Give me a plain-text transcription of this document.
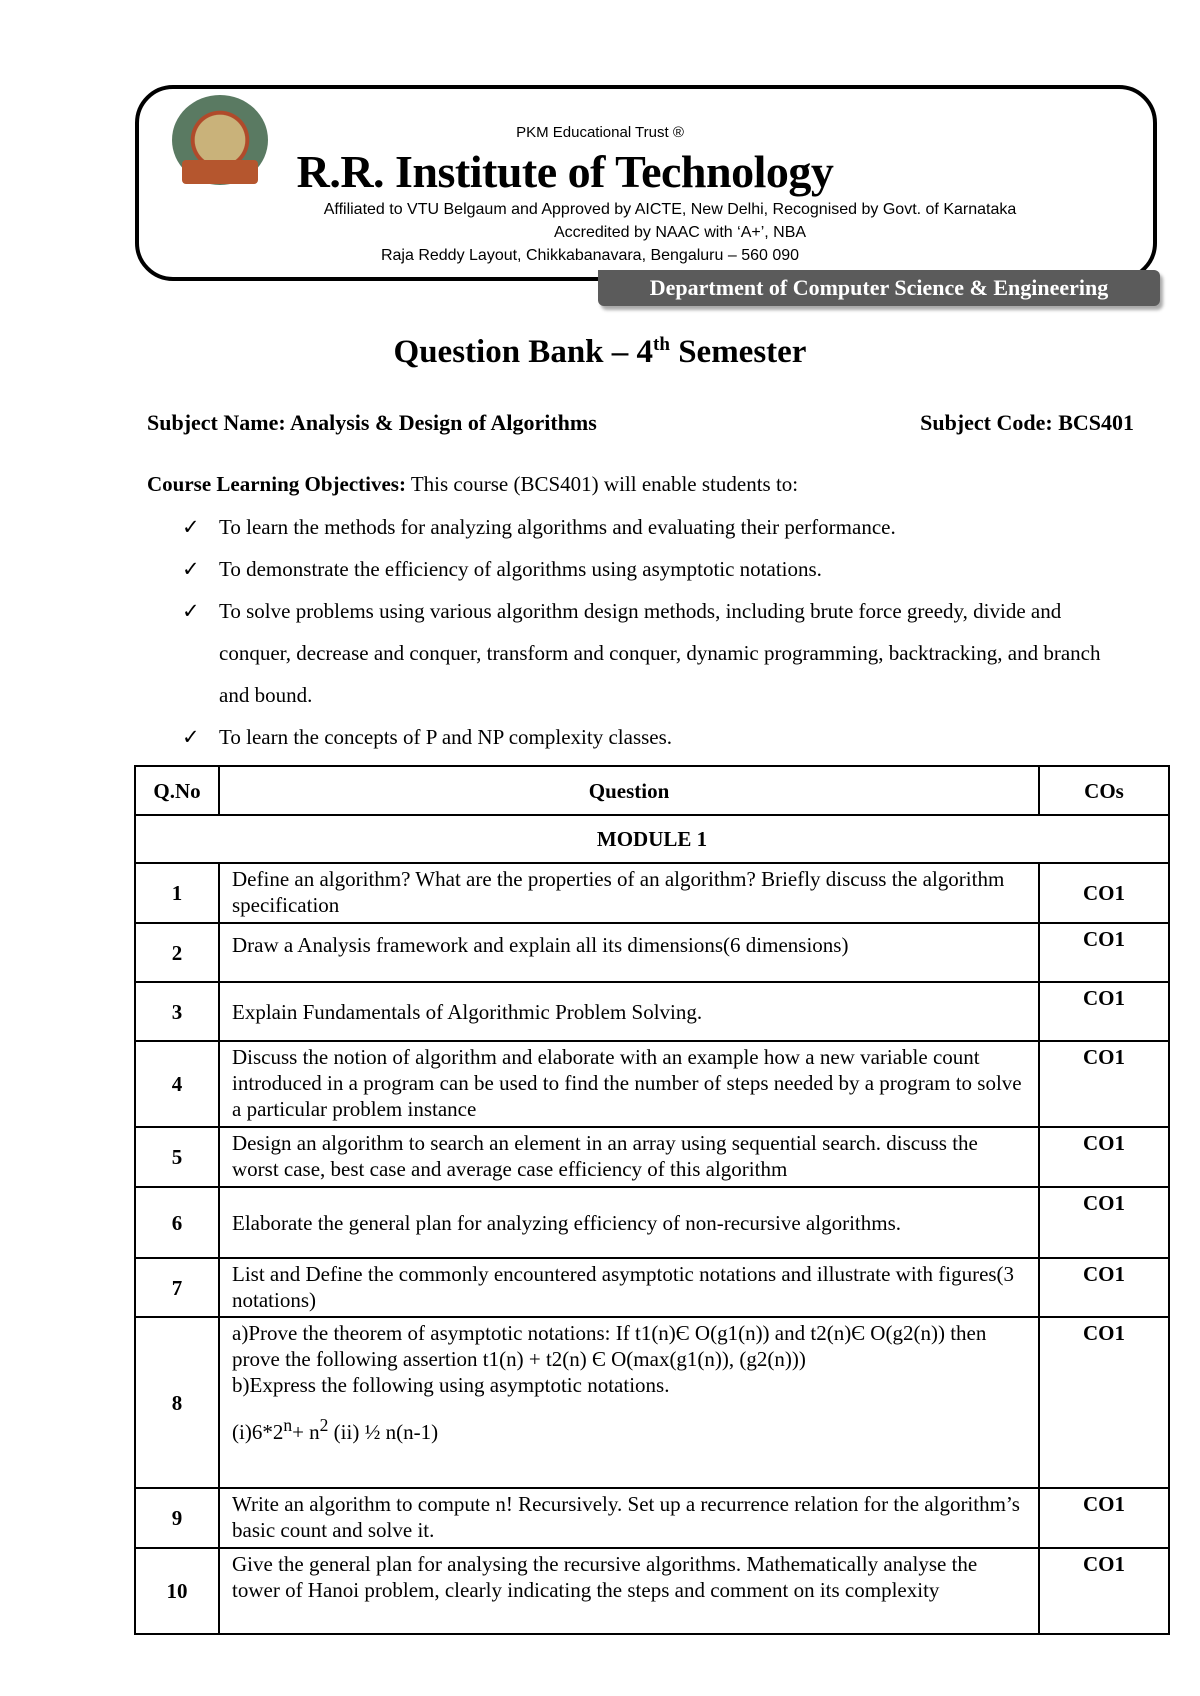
PKM Educational Trust ®
R.R. Institute of Technology
Affiliated to VTU Belgaum and Approved by AICTE, New Delhi, Recognised by Govt. of Karnataka
Accredited by NAAC with ‘A+’, NBA
Raja Reddy Layout, Chikkabanavara, Bengaluru – 560 090
Department of Computer Science & Engineering
Question Bank – 4th Semester
Subject Name: Analysis & Design of Algorithms	Subject Code: BCS401
Course Learning Objectives: This course (BCS401) will enable students to:
✓ To learn the methods for analyzing algorithms and evaluating their performance.
✓ To demonstrate the efficiency of algorithms using asymptotic notations.
✓ To solve problems using various algorithm design methods, including brute force greedy, divide and conquer, decrease and conquer, transform and conquer, dynamic programming, backtracking, and branch and bound.
✓ To learn the concepts of P and NP complexity classes.
Q.No	Question	COs
MODULE 1		
1	Define an algorithm? What are the properties of an algorithm? Briefly discuss the algorithm specification	CO1
2	Draw a Analysis framework and explain all its dimensions(6 dimensions)	CO1
3	Explain Fundamentals of Algorithmic Problem Solving.	CO1
4	Discuss the notion of algorithm and elaborate with an example how a new variable count introduced in a program can be used to find the number of steps needed by a program to solve a particular problem instance	CO1
5	Design an algorithm to search an element in an array using sequential search. discuss the worst case, best case and average case efficiency of this algorithm	CO1
6	Elaborate the general plan for analyzing efficiency of non-recursive algorithms.	CO1
7	List and Define the commonly encountered asymptotic notations and illustrate with figures(3 notations)	CO1
8	a)Prove the theorem of asymptotic notations: If t1(n)Є O(g1(n)) and t2(n)Є O(g2(n)) then prove the following assertion t1(n) + t2(n) Є O(max(g1(n)), (g2(n)))
b)Express the following using asymptotic notations.
$(i)6*2^n+ n^2$ (ii) ½ n(n-1)	CO1
9	Write an algorithm to compute n! Recursively. Set up a recurrence relation for the algorithm’s basic count and solve it.	CO1
10	Give the general plan for analysing the recursive algorithms. Mathematically analyse the tower of Hanoi problem, clearly indicating the steps and comment on its complexity	CO1
